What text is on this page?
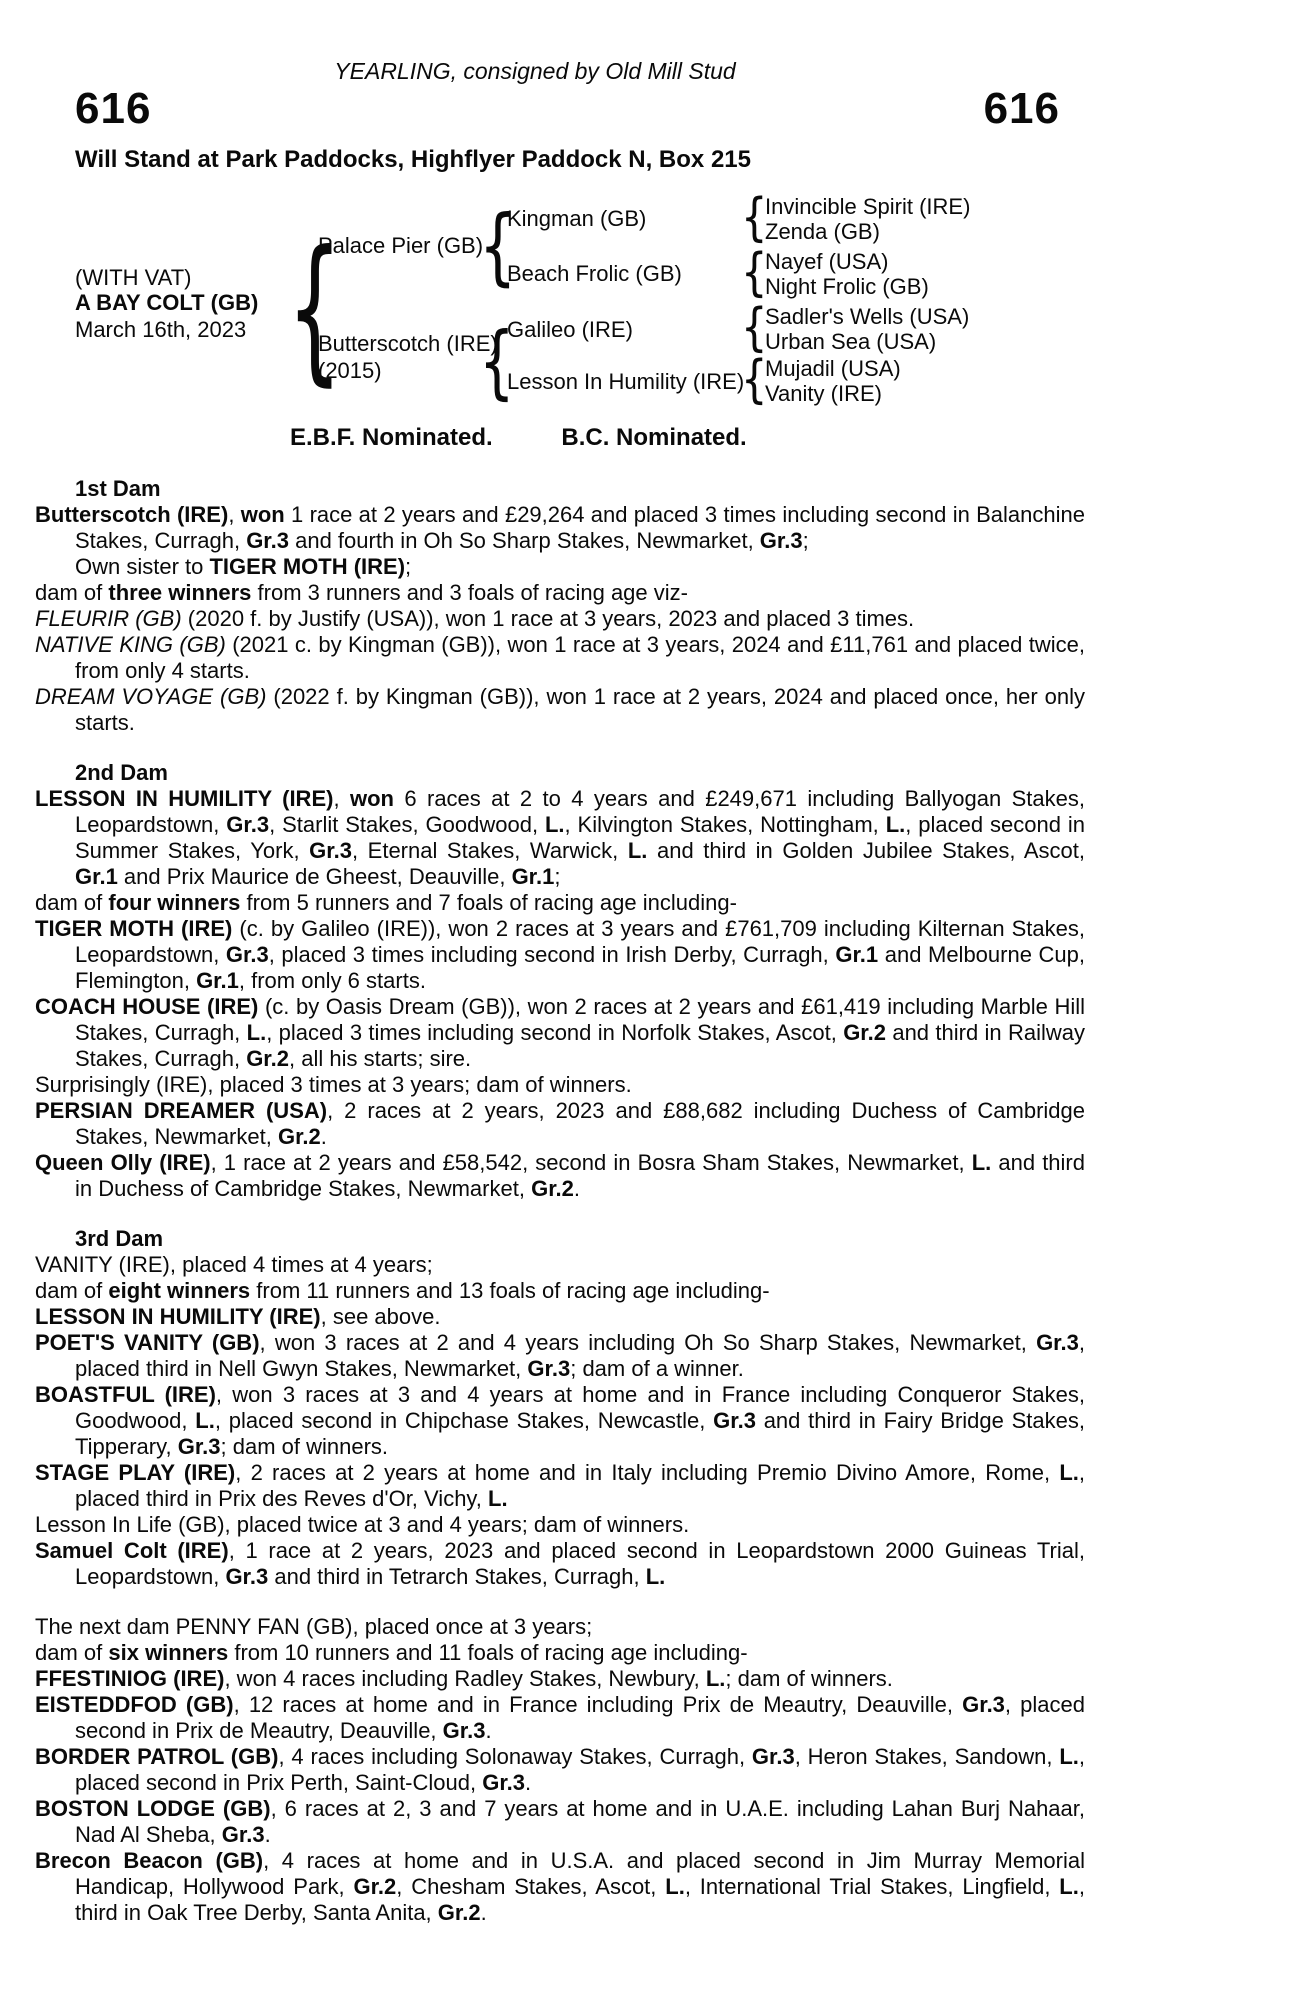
YEARLING, consigned by Old Mill Stud
616	616
Will Stand at Park Paddocks, Highflyer Paddock N, Box 215
(WITH VAT)
A BAY COLT (GB)
March 16th, 2023
{
Palace Pier (GB)
Butterscotch (IRE)
(2015)
{
{
Kingman (GB)
Beach Frolic (GB)
Galileo (IRE)
Lesson In Humility (IRE)
{
{
{
{
Invincible Spirit (IRE)
Zenda (GB)
Nayef (USA)
Night Frolic (GB)
Sadler's Wells (USA)
Urban Sea (USA)
Mujadil (USA)
Vanity (IRE)
E.B.F. Nominated.	B.C. Nominated.

1st Dam

Butterscotch (IRE), won 1 race at 2 years and £29,264 and placed 3 times including second in Balanchine Stakes, Curragh, Gr.3 and fourth in Oh So Sharp Stakes, Newmarket, Gr.3;
Own sister to TIGER MOTH (IRE);

dam of three winners from 3 runners and 3 foals of racing age viz-

FLEURIR (GB) (2020 f. by Justify (USA)), won 1 race at 3 years, 2023 and placed 3 times.

NATIVE KING (GB) (2021 c. by Kingman (GB)), won 1 race at 3 years, 2024 and £11,761 and placed twice, from only 4 starts.

DREAM VOYAGE (GB) (2022 f. by Kingman (GB)), won 1 race at 2 years, 2024 and placed once, her only starts.

2nd Dam

LESSON IN HUMILITY (IRE), won 6 races at 2 to 4 years and £249,671 including Ballyogan Stakes, Leopardstown, Gr.3, Starlit Stakes, Goodwood, L., Kilvington Stakes, Nottingham, L., placed second in Summer Stakes, York, Gr.3, Eternal Stakes, Warwick, L. and third in Golden Jubilee Stakes, Ascot, Gr.1 and Prix Maurice de Gheest, Deauville, Gr.1;

dam of four winners from 5 runners and 7 foals of racing age including-

TIGER MOTH (IRE) (c. by Galileo (IRE)), won 2 races at 3 years and £761,709 including Kilternan Stakes, Leopardstown, Gr.3, placed 3 times including second in Irish Derby, Curragh, Gr.1 and Melbourne Cup, Flemington, Gr.1, from only 6 starts.

COACH HOUSE (IRE) (c. by Oasis Dream (GB)), won 2 races at 2 years and £61,419 including Marble Hill Stakes, Curragh, L., placed 3 times including second in Norfolk Stakes, Ascot, Gr.2 and third in Railway Stakes, Curragh, Gr.2, all his starts; sire.

Surprisingly (IRE), placed 3 times at 3 years; dam of winners.

PERSIAN DREAMER (USA), 2 races at 2 years, 2023 and £88,682 including Duchess of Cambridge Stakes, Newmarket, Gr.2.

Queen Olly (IRE), 1 race at 2 years and £58,542, second in Bosra Sham Stakes, Newmarket, L. and third in Duchess of Cambridge Stakes, Newmarket, Gr.2.

3rd Dam

VANITY (IRE), placed 4 times at 4 years;

dam of eight winners from 11 runners and 13 foals of racing age including-

LESSON IN HUMILITY (IRE), see above.

POET'S VANITY (GB), won 3 races at 2 and 4 years including Oh So Sharp Stakes, Newmarket, Gr.3, placed third in Nell Gwyn Stakes, Newmarket, Gr.3; dam of a winner.

BOASTFUL (IRE), won 3 races at 3 and 4 years at home and in France including Conqueror Stakes, Goodwood, L., placed second in Chipchase Stakes, Newcastle, Gr.3 and third in Fairy Bridge Stakes, Tipperary, Gr.3; dam of winners.

STAGE PLAY (IRE), 2 races at 2 years at home and in Italy including Premio Divino Amore, Rome, L., placed third in Prix des Reves d'Or, Vichy, L.

Lesson In Life (GB), placed twice at 3 and 4 years; dam of winners.

Samuel Colt (IRE), 1 race at 2 years, 2023 and placed second in Leopardstown 2000 Guineas Trial, Leopardstown, Gr.3 and third in Tetrarch Stakes, Curragh, L.

The next dam PENNY FAN (GB), placed once at 3 years;

dam of six winners from 10 runners and 11 foals of racing age including-

FFESTINIOG (IRE), won 4 races including Radley Stakes, Newbury, L.; dam of winners.

EISTEDDFOD (GB), 12 races at home and in France including Prix de Meautry, Deauville, Gr.3, placed second in Prix de Meautry, Deauville, Gr.3.

BORDER PATROL (GB), 4 races including Solonaway Stakes, Curragh, Gr.3, Heron Stakes, Sandown, L., placed second in Prix Perth, Saint-Cloud, Gr.3.

BOSTON LODGE (GB), 6 races at 2, 3 and 7 years at home and in U.A.E. including Lahan Burj Nahaar, Nad Al Sheba, Gr.3.

Brecon Beacon (GB), 4 races at home and in U.S.A. and placed second in Jim Murray Memorial Handicap, Hollywood Park, Gr.2, Chesham Stakes, Ascot, L., International Trial Stakes, Lingfield, L., third in Oak Tree Derby, Santa Anita, Gr.2.
